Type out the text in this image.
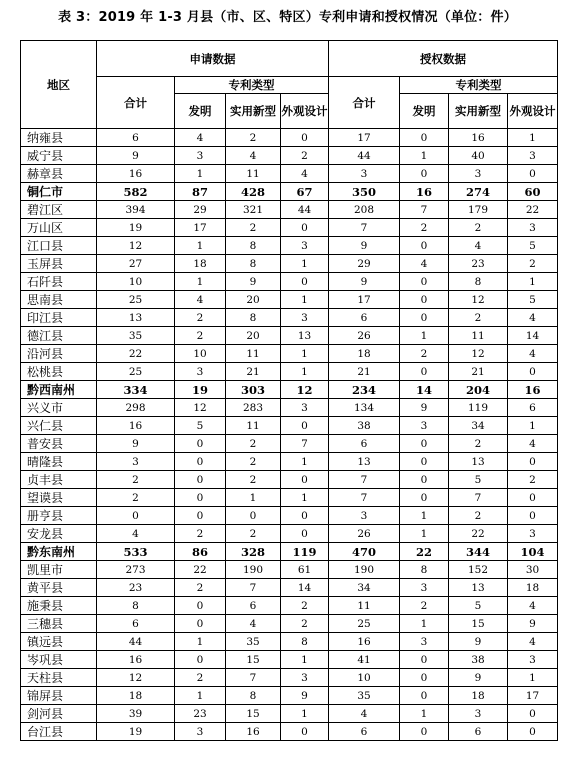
表 3：2019 年 1-3 月县（市、区、特区）专利申请和授权情况（单位：件）
地区	申请数据				授权数据			
	合计	专利类型			合计	专利类型		
		发明	实用新型	外观设计		发明	实用新型	外观设计
纳雍县	6	4	2	0	17	0	16	1
威宁县	9	3	4	2	44	1	40	3
赫章县	16	1	11	4	3	0	3	0
铜仁市	582	87	428	67	350	16	274	60
碧江区	394	29	321	44	208	7	179	22
万山区	19	17	2	0	7	2	2	3
江口县	12	1	8	3	9	0	4	5
玉屏县	27	18	8	1	29	4	23	2
石阡县	10	1	9	0	9	0	8	1
思南县	25	4	20	1	17	0	12	5
印江县	13	2	8	3	6	0	2	4
德江县	35	2	20	13	26	1	11	14
沿河县	22	10	11	1	18	2	12	4
松桃县	25	3	21	1	21	0	21	0
黔西南州	334	19	303	12	234	14	204	16
兴义市	298	12	283	3	134	9	119	6
兴仁县	16	5	11	0	38	3	34	1
普安县	9	0	2	7	6	0	2	4
晴隆县	3	0	2	1	13	0	13	0
贞丰县	2	0	2	0	7	0	5	2
望谟县	2	0	1	1	7	0	7	0
册亨县	0	0	0	0	3	1	2	0
安龙县	4	2	2	0	26	1	22	3
黔东南州	533	86	328	119	470	22	344	104
凯里市	273	22	190	61	190	8	152	30
黄平县	23	2	7	14	34	3	13	18
施秉县	8	0	6	2	11	2	5	4
三穗县	6	0	4	2	25	1	15	9
镇远县	44	1	35	8	16	3	9	4
岑巩县	16	0	15	1	41	0	38	3
天柱县	12	2	7	3	10	0	9	1
锦屏县	18	1	8	9	35	0	18	17
剑河县	39	23	15	1	4	1	3	0
台江县	19	3	16	0	6	0	6	0
